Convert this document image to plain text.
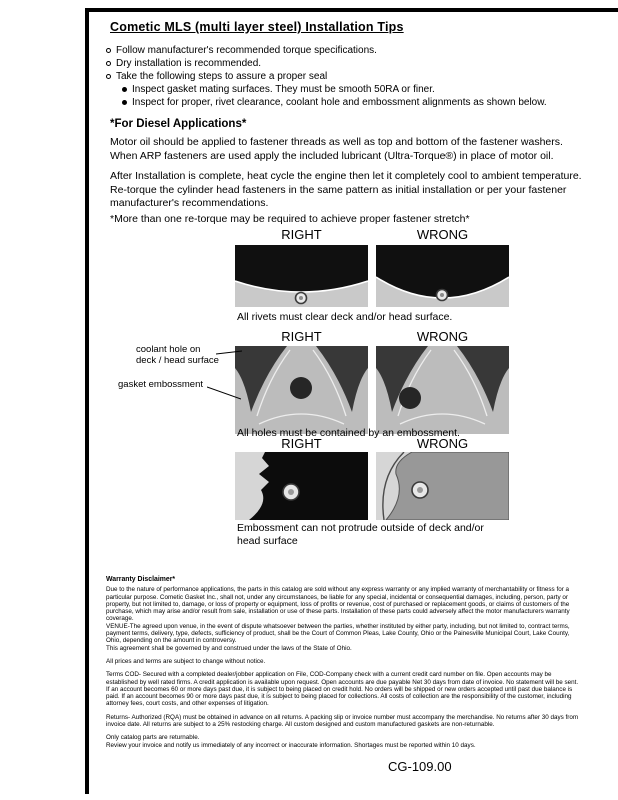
Cometic MLS (multi layer steel) Installation Tips
Follow manufacturer's recommended torque specifications.
Dry installation is recommended.
Take the following steps to assure a proper seal
Inspect gasket mating surfaces. They must be smooth 50RA or finer.
Inspect for proper, rivet clearance, coolant hole and embossment alignments as shown below.
*For Diesel Applications*

Motor oil should be applied to fastener threads as well as top and bottom of the fastener washers. When ARP fasteners are used apply the included lubricant (Ultra-Torque®) in place of motor oil.

After Installation is complete, heat cycle the engine then let it completely cool to ambient temperature. Re-torque the cylinder head fasteners in the same pattern as initial installation or per your fastener manufacturer's recommendations.

*More than one re-torque may be required to achieve proper fastener stretch*

RIGHT	WRONG
All rivets must clear deck and/or head surface.
RIGHT	WRONG
coolant hole on
deck / head surface
gasket embossment
All holes must be contained by an embossment.
RIGHT	WRONG
Embossment can not protrude outside of deck and/or head surface
Warranty Disclaimer*

Due to the nature of performance applications, the parts in this catalog are sold without any express warranty or any implied warranty of merchantability or fitness for a particular purpose. Cometic Gasket Inc., shall not, under any circumstances, be liable for any special, incidental or consequential damages, including, person, party or property, but not limited to, damage, or loss of property or equipment, loss of profits or revenue, cost of purchased or replacement goods, or claims of customers of the purchase, which may arise and/or result from sale, installation or use of these parts. Installation of these parts could adversely affect the motor manufacturers warranty coverage.

VENUE-The agreed upon venue, in the event of dispute whatsoever between the parties, whether instituted by either party, including, but not limited to, contract terms, payment terms, delivery, type, defects, sufficiency of product, shall be the Court of Common Pleas, Lake County, Ohio or the Painesville Municipal Court, Lake County, Ohio, depending on the amount in controversy.

This agreement shall be governed by and construed under the laws of the State of Ohio.

All prices and terms are subject to change without notice.

Terms COD- Secured with a completed dealer/jobber application on File, COD-Company check with a current credit card number on file. Open accounts may be established by well rated firms. A credit application is available upon request. Open accounts are due payable Net 30 days from date of invoice. No statement will be sent. If an account becomes 60 or more days past due, it is subject to being placed on credit hold. No orders will be shipped or new orders accepted until past due balance is paid. If an account becomes 90 or more days past due, it is subject to being placed for collections. All costs of collection are the responsibility of the customer, including attorney fees, court costs, and other expenses of litigation.

Returns- Authorized (RQA) must be obtained in advance on all returns. A packing slip or invoice number must accompany the merchandise. No returns after 30 days from invoice date. All returns are subject to a 25% restocking charge. All custom designed and custom manufactured gaskets are non-returnable.

Only catalog parts are returnable.

Review your invoice and notify us immediately of any incorrect or inaccurate information. Shortages must be reported within 10 days.

CG-109.00
